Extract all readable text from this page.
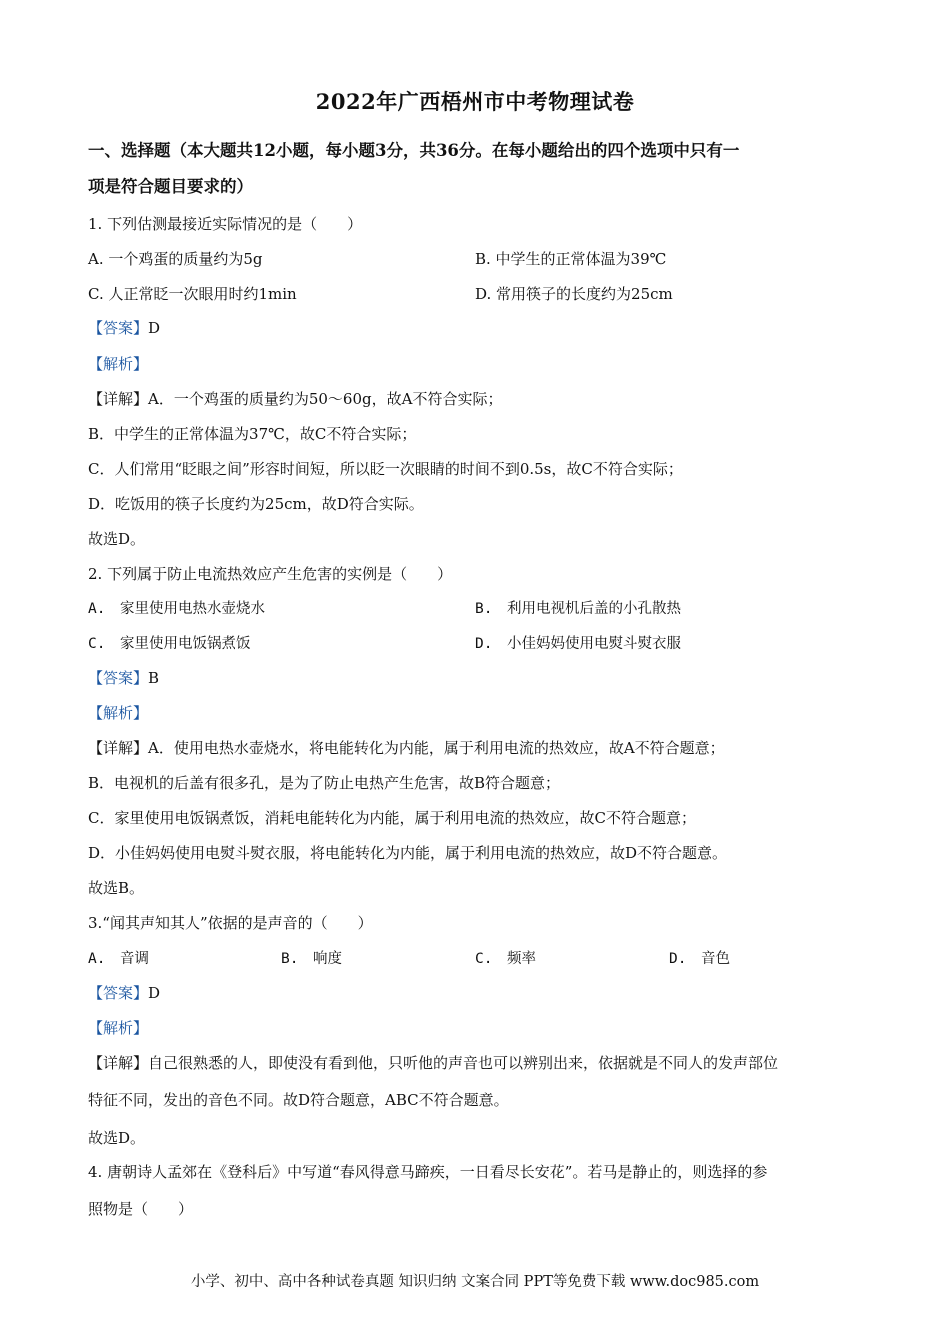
2022年广西梧州市中考物理试卷
一、选择题（本大题共12小题，每小题3分，共36分。在每小题给出的四个选项中只有一
项是符合题目要求的）
1. 下列估测最接近实际情况的是（　　）
A. 一个鸡蛋的质量约为5g	B. 中学生的正常体温为39℃
C. 人正常眨一次眼用时约1min	D. 常用筷子的长度约为25cm
【答案】D
【解析】
【详解】A．一个鸡蛋的质量约为50～60g，故A不符合实际；
B．中学生的正常体温为37℃，故C不符合实际；
C．人们常用“眨眼之间”形容时间短，所以眨一次眼睛的时间不到0.5s，故C不符合实际；
D．吃饭用的筷子长度约为25cm，故D符合实际。
故选D。
2. 下列属于防止电流热效应产生危害的实例是（　　）
A.　家里使用电热水壶烧水	B.　利用电视机后盖的小孔散热
C.　家里使用电饭锅煮饭	D.　小佳妈妈使用电熨斗熨衣服
【答案】B
【解析】
【详解】A．使用电热水壶烧水，将电能转化为内能，属于利用电流的热效应，故A不符合题意；
B．电视机的后盖有很多孔，是为了防止电热产生危害，故B符合题意；
C．家里使用电饭锅煮饭，消耗电能转化为内能，属于利用电流的热效应，故C不符合题意；
D．小佳妈妈使用电熨斗熨衣服，将电能转化为内能，属于利用电流的热效应，故D不符合题意。
故选B。
3.“闻其声知其人”依据的是声音的（　　）
A.　音调	B.　响度	C.　频率	D.　音色
【答案】D
【解析】
【详解】自己很熟悉的人，即使没有看到他，只听他的声音也可以辨别出来，依据就是不同人的发声部位
特征不同，发出的音色不同。故D符合题意，ABC不符合题意。
故选D。
4. 唐朝诗人孟郊在《登科后》中写道“春风得意马蹄疾，一日看尽长安花”。若马是静止的，则选择的参
照物是（　　）
小学、初中、高中各种试卷真题 知识归纳 文案合同 PPT等免费下载 www.doc985.com
